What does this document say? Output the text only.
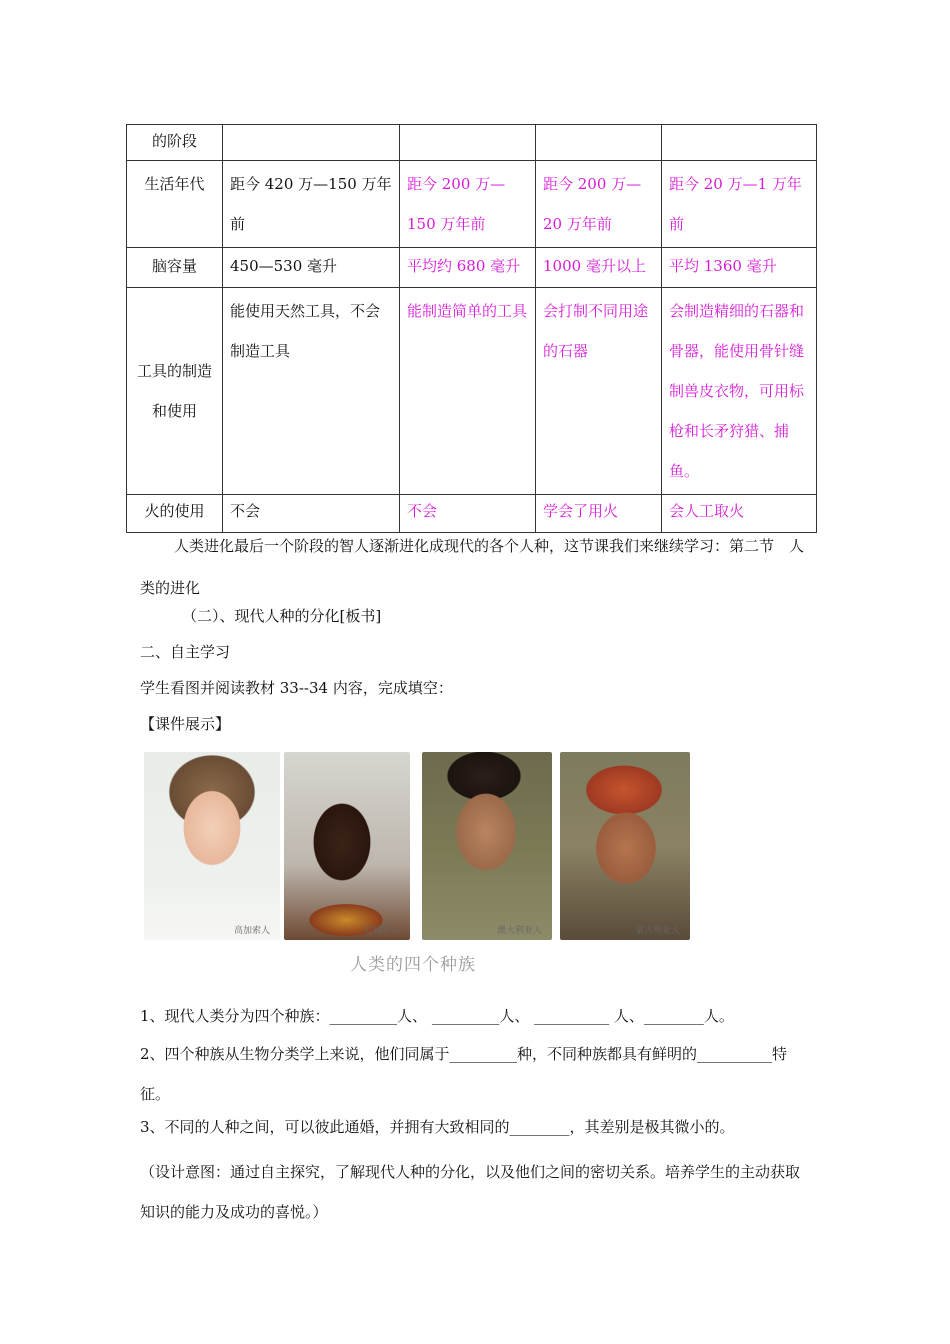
的阶段				
生活年代	距今 420 万—150 万年前	距今 200 万—150 万年前	距今 200 万—20 万年前	距今 20 万—1 万年前
脑容量	450—530 毫升	平均约 680 毫升	1000 毫升以上	平均 1360 毫升
工具的制造和使用	能使用天然工具，不会制造工具	能制造简单的工具	会打制不同用途的石器	会制造精细的石器和骨器，能使用骨针缝制兽皮衣物，可用标枪和长矛狩猎、捕鱼。
火的使用	不会	不会	学会了用火	会人工取火

人类进化最后一个阶段的智人逐渐进化成现代的各个人种，这节课我们来继续学习：第二节　人类的进化

（二）、现代人种的分化[板书]

二、自主学习

学生看图并阅读教材 33--34 内容，完成填空：

【课件展示】

高加索人	尼格罗人	澳大利亚人	蒙古利亚人
人类的四个种族

1、现代人类分为四个种族：_________人、 _________人、 __________ 人、________人。

2、四个种族从生物分类学上来说，他们同属于_________种，不同种族都具有鲜明的__________特征。

3、不同的人种之间，可以彼此通婚，并拥有大致相同的________，其差别是极其微小的。

（设计意图：通过自主探究，了解现代人种的分化，以及他们之间的密切关系。培养学生的主动获取知识的能力及成功的喜悦。）
